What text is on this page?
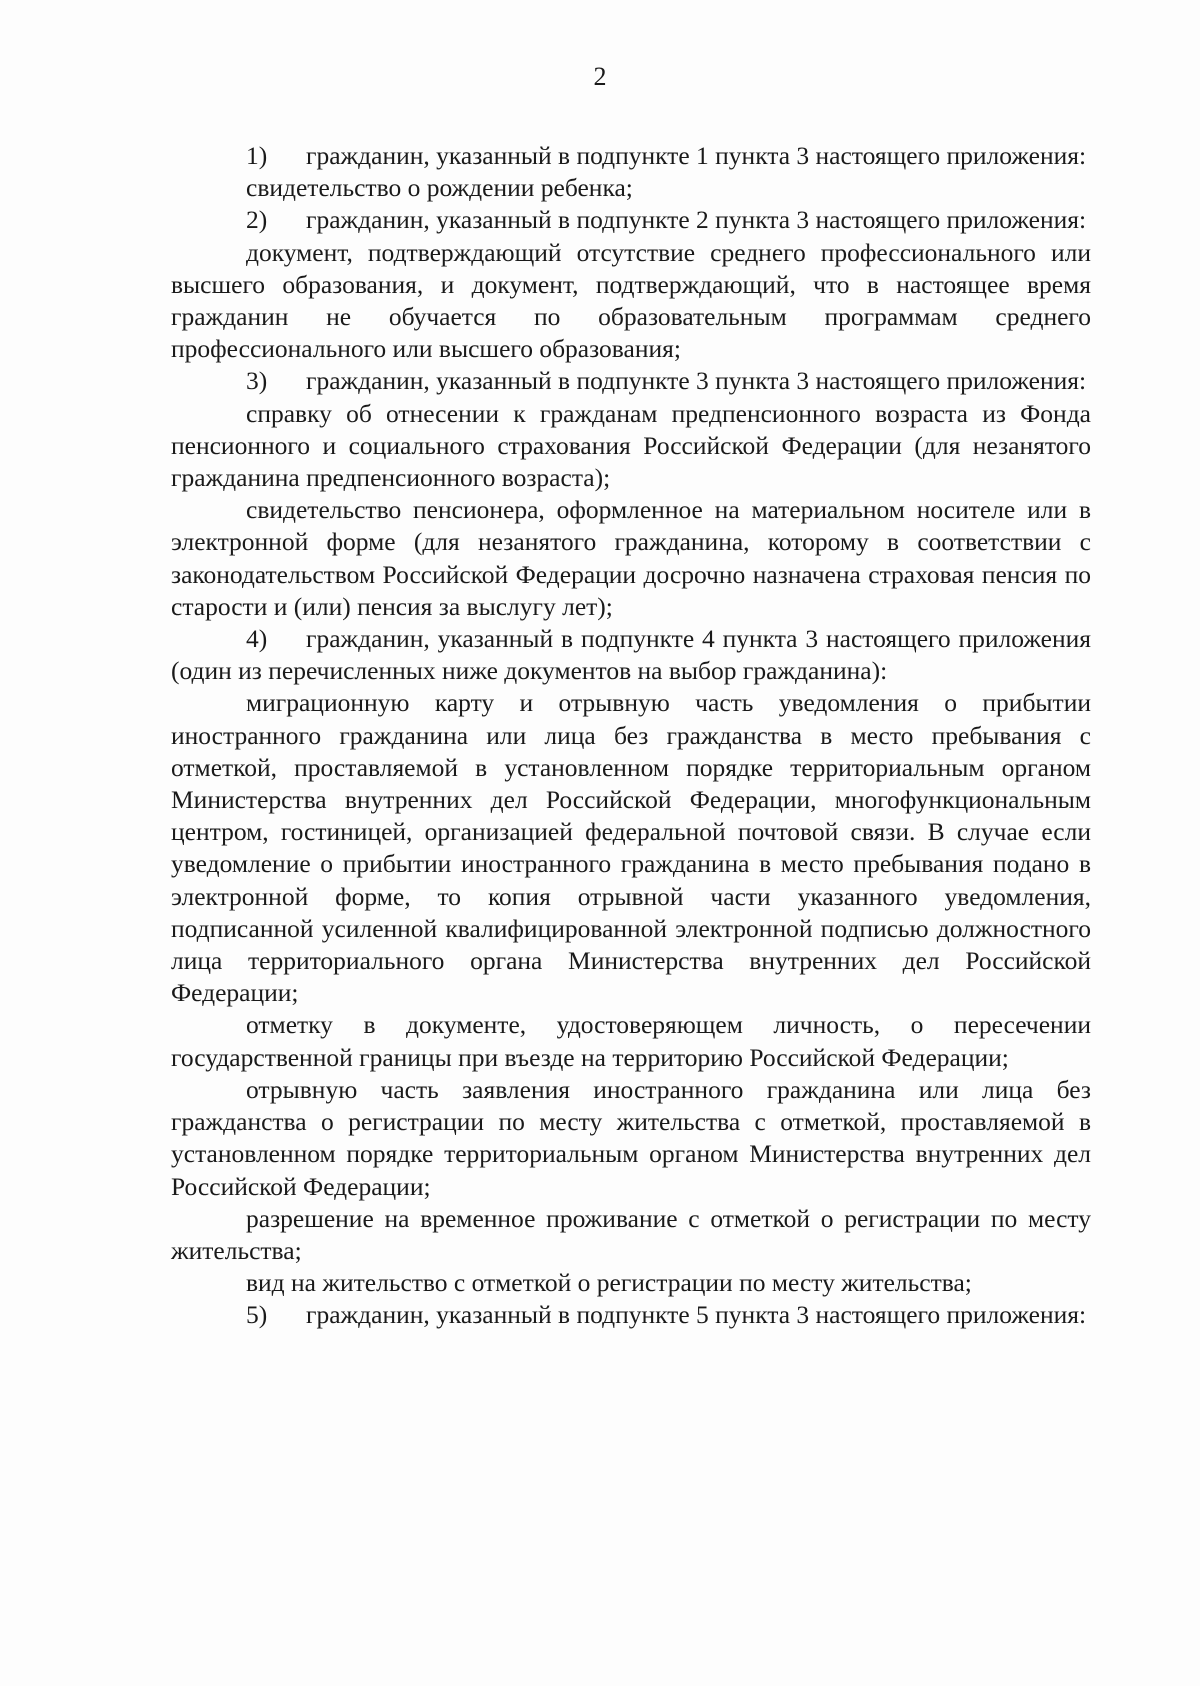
2

1) гражданин, указанный в подпункте 1 пункта 3 настоящего приложения:

свидетельство о рождении ребенка;

2) гражданин, указанный в подпункте 2 пункта 3 настоящего приложения:

документ, подтверждающий отсутствие среднего профессионального или высшего образования, и документ, подтверждающий, что в настоящее время гражданин не обучается по образовательным программам среднего профессионального или высшего образования;

3) гражданин, указанный в подпункте 3 пункта 3 настоящего приложения:

справку об отнесении к гражданам предпенсионного возраста из Фонда пенсионного и социального страхования Российской Федерации (для незанятого гражданина предпенсионного возраста);

свидетельство пенсионера, оформленное на материальном носителе или в электронной форме (для незанятого гражданина, которому в соответствии с законодательством Российской Федерации досрочно назначена страховая пенсия по старости и (или) пенсия за выслугу лет);

4) гражданин, указанный в подпункте 4 пункта 3 настоящего приложения (один из перечисленных ниже документов на выбор гражданина):

миграционную карту и отрывную часть уведомления о прибытии иностранного гражданина или лица без гражданства в место пребывания с отметкой, проставляемой в установленном порядке территориальным органом Министерства внутренних дел Российской Федерации, многофункциональным центром, гостиницей, организацией федеральной почтовой связи. В случае если уведомление о прибытии иностранного гражданина в место пребывания подано в электронной форме, то копия отрывной части указанного уведомления, подписанной усиленной квалифицированной электронной подписью должностного лица территориального органа Министерства внутренних дел Российской Федерации;

отметку в документе, удостоверяющем личность, о пересечении государственной границы при въезде на территорию Российской Федерации;

отрывную часть заявления иностранного гражданина или лица без гражданства о регистрации по месту жительства с отметкой, проставляемой в установленном порядке территориальным органом Министерства внутренних дел Российской Федерации;

разрешение на временное проживание с отметкой о регистрации по месту жительства;

вид на жительство с отметкой о регистрации по месту жительства;

5) гражданин, указанный в подпункте 5 пункта 3 настоящего приложения:
